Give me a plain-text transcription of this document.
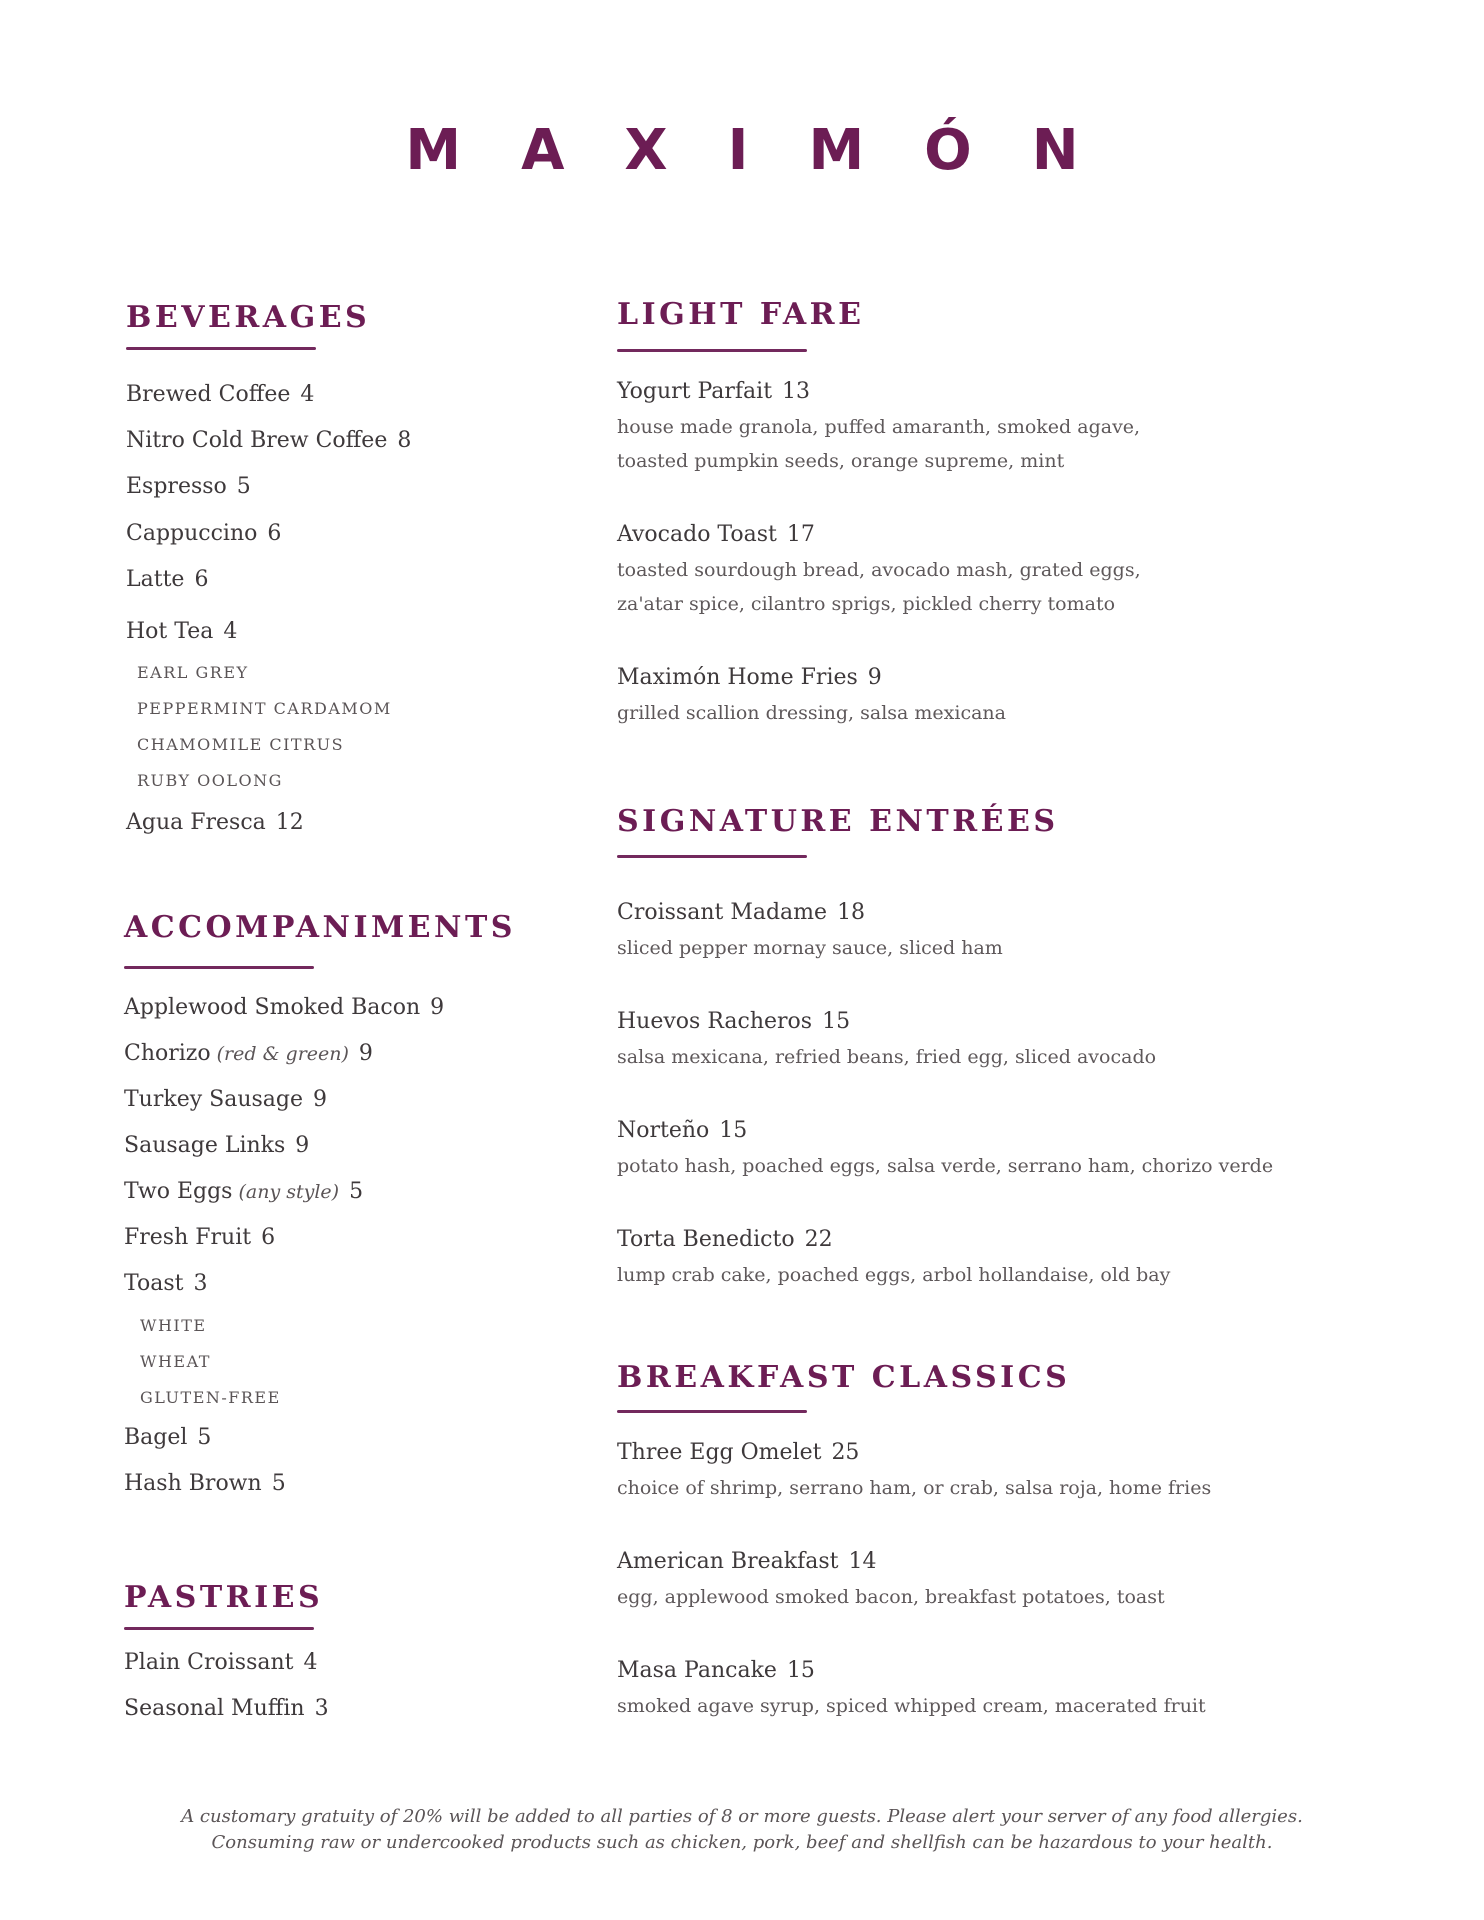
MAXIMÓN
BEVERAGES

Brewed Coffee 4

Nitro Cold Brew Coffee 8

Espresso 5

Cappuccino 6

Latte 6

Hot Tea 4

EARL GREY

PEPPERMINT CARDAMOM

CHAMOMILE CITRUS

RUBY OOLONG

Agua Fresca 12

ACCOMPANIMENTS

Applewood Smoked Bacon 9

Chorizo (red & green) 9

Turkey Sausage 9

Sausage Links 9

Two Eggs (any style) 5

Fresh Fruit 6

Toast 3

WHITE

WHEAT

GLUTEN-FREE

Bagel 5

Hash Brown 5

PASTRIES

Plain Croissant 4

Seasonal Muffin 3

LIGHT FARE

Yogurt Parfait 13

house made granola, puffed amaranth, smoked agave,
toasted pumpkin seeds, orange supreme, mint

Avocado Toast 17

toasted sourdough bread, avocado mash, grated eggs,
za'atar spice, cilantro sprigs, pickled cherry tomato

Maximón Home Fries 9

grilled scallion dressing, salsa mexicana

SIGNATURE ENTRÉES

Croissant Madame 18

sliced pepper mornay sauce, sliced ham

Huevos Racheros 15

salsa mexicana, refried beans, fried egg, sliced avocado

Norteño 15

potato hash, poached eggs, salsa verde, serrano ham, chorizo verde

Torta Benedicto 22

lump crab cake, poached eggs, arbol hollandaise, old bay

BREAKFAST CLASSICS

Three Egg Omelet 25

choice of shrimp, serrano ham, or crab, salsa roja, home fries

American Breakfast 14

egg, applewood smoked bacon, breakfast potatoes, toast

Masa Pancake 15

smoked agave syrup, spiced whipped cream, macerated fruit

A customary gratuity of 20% will be added to all parties of 8 or more guests. Please alert your server of any food allergies.

Consuming raw or undercooked products such as chicken, pork, beef and shellfish can be hazardous to your health.
